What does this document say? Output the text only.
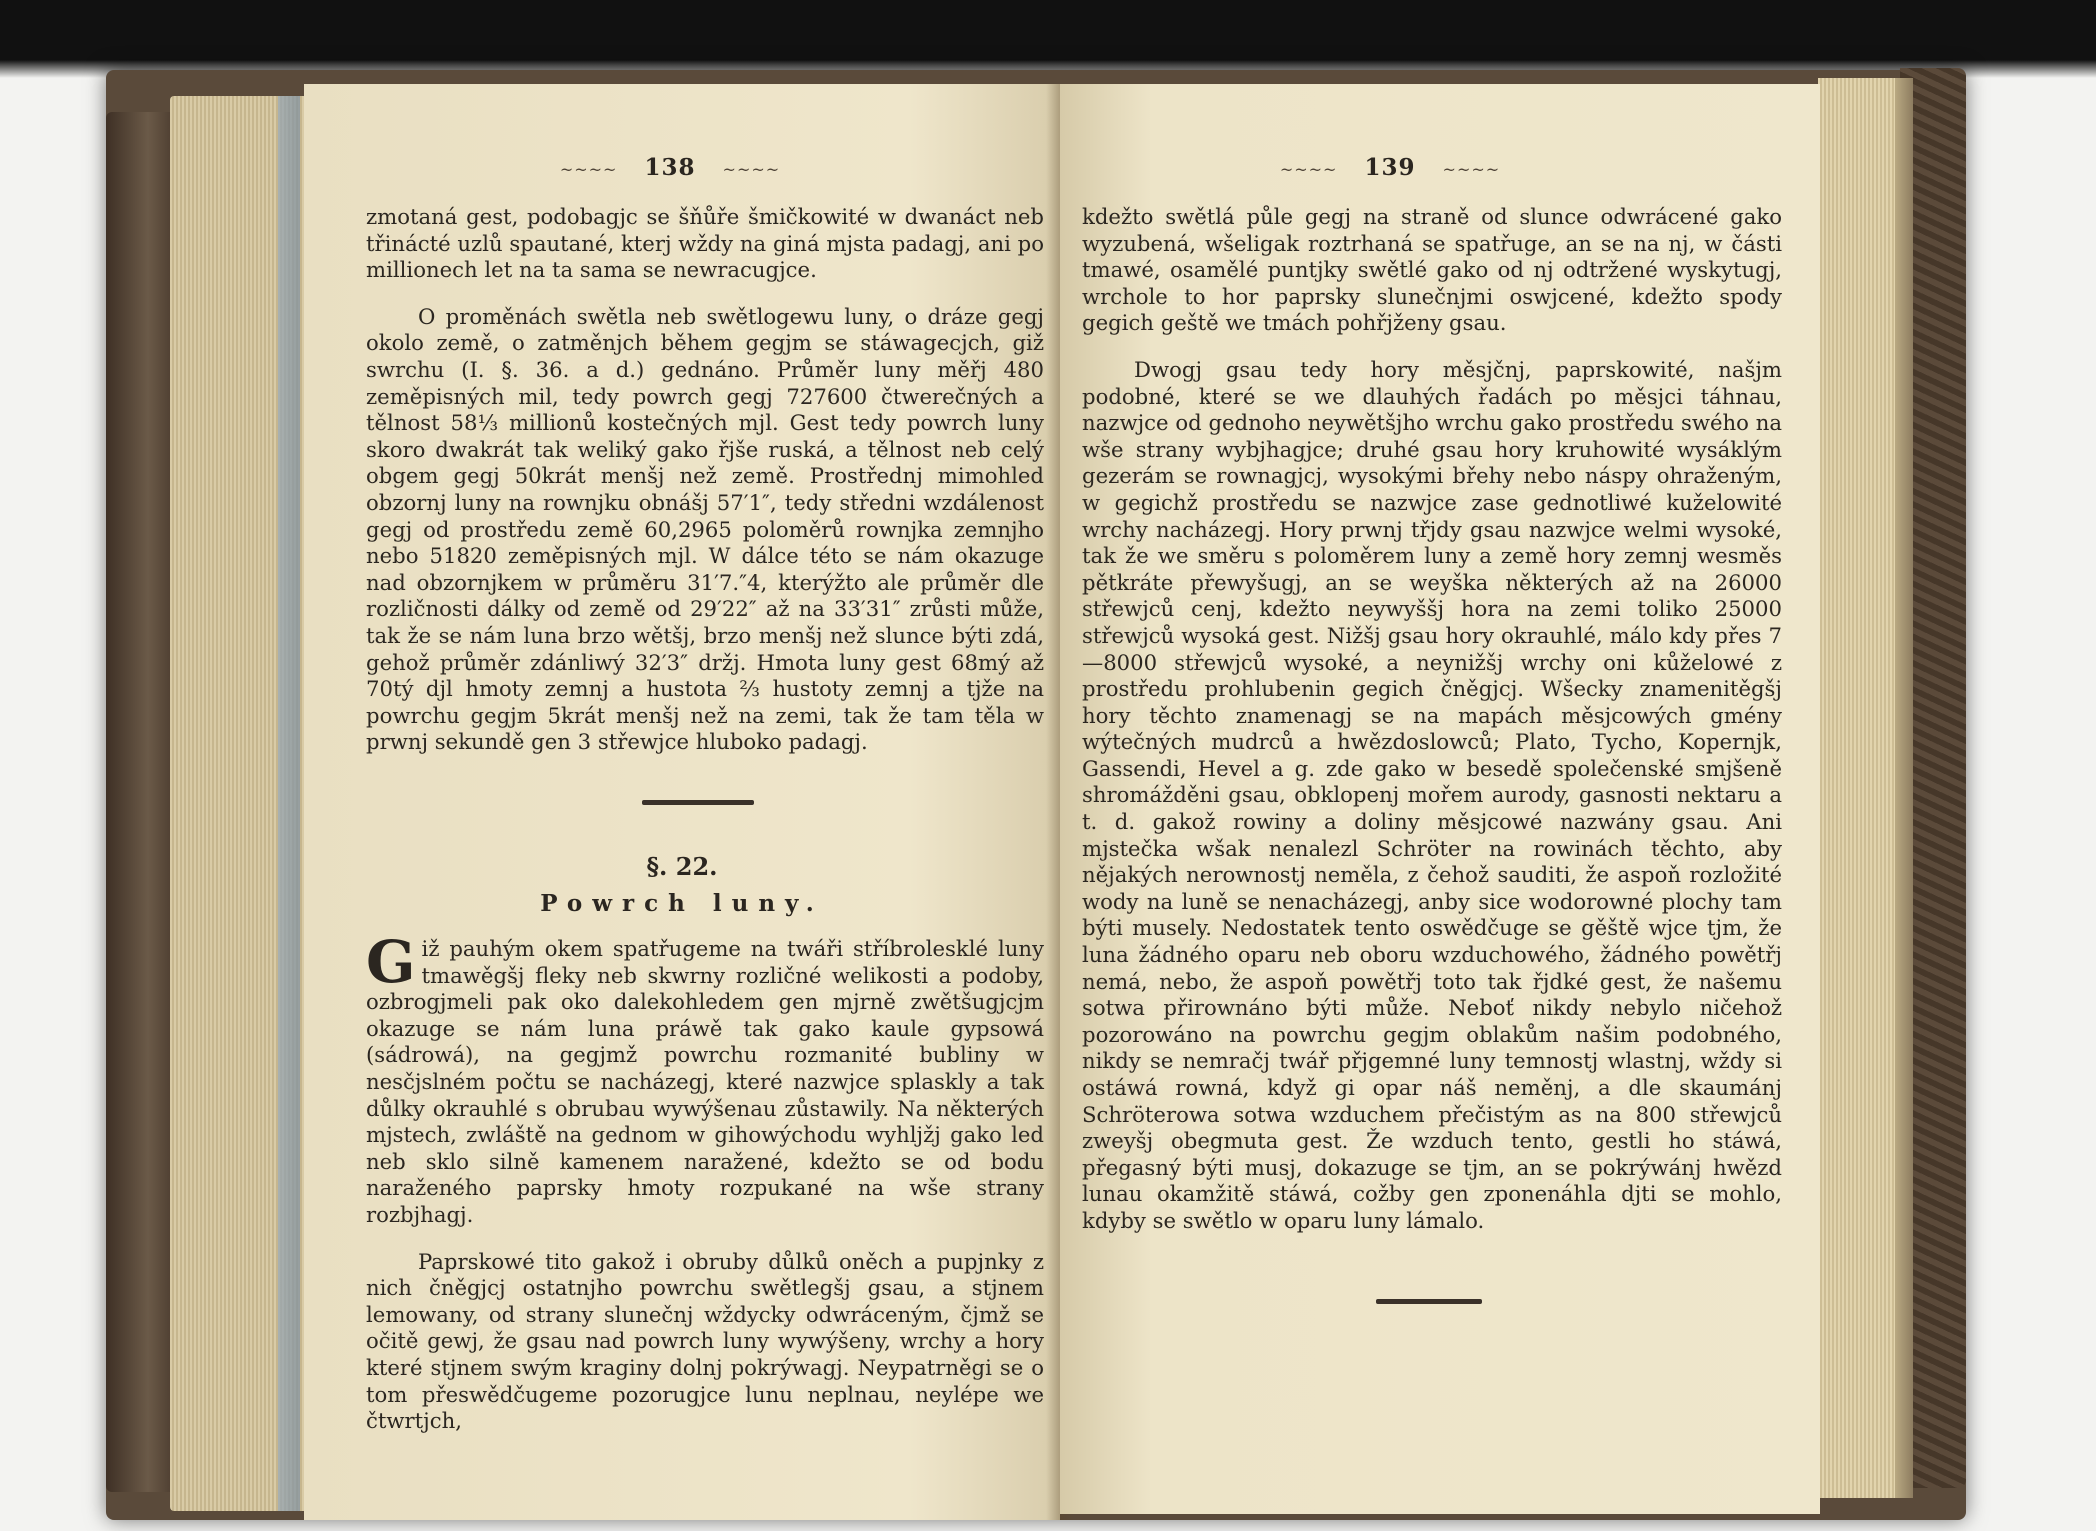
~~~~ 138 ~~~~

zmotaná gest, podobagjc se šňůře šmičkowité w dwanáct neb třinácté uzlů spautané, kterj wždy na giná mjsta padagj, ani po millionech let na ta sama se newracugjce.

O proměnách swětla neb swětlogewu luny, o dráze gegj okolo země, o zatměnjch během gegjm se stáwagecjch, giž swrchu (I. §. 36. a d.) gednáno. Průměr luny měřj 480 zeměpisných mil, tedy powrch gegj 727600 čtwerečných a tělnost 58⅓ millionů kostečných mjl. Gest tedy powrch luny skoro dwakrát tak weliký gako řjše ruská, a tělnost neb celý obgem gegj 50krát menšj než země. Prostřednj mimohled obzornj luny na rownjku obnášj 57′1″, tedy středni wzdálenost gegj od prostředu země 60,2965 poloměrů rownjka zemnjho nebo 51820 zeměpisných mjl. W dálce této se nám okazuge nad obzornjkem w průměru 31′7.″4, kterýžto ale průměr dle rozličnosti dálky od země od 29′22″ až na 33′31″ zrůsti může, tak že se nám luna brzo wětšj, brzo menšj než slunce býti zdá, gehož průměr zdánliwý 32′3″ držj. Hmota luny gest 68mý až 70tý djl hmoty zemnj a hustota ⅔ hustoty zemnj a tjže na powrchu gegjm 5krát menšj než na zemi, tak že tam těla w prwnj sekundě gen 3 střewjce hluboko padagj.

§. 22.
Powrch luny.

G iž pauhým okem spatřugeme na twáři stříbrolesklé luny tmawěgšj fleky neb skwrny rozličné welikosti a podoby, ozbrogjmeli pak oko dalekohledem gen mjrně zwětšugjcjm okazuge se nám luna práwě tak gako kaule gypsowá (sádrowá), na gegjmž powrchu rozmanité bubliny w nesčjslném počtu se nacházegj, které nazwjce splaskly a tak důlky okrauhlé s obrubau wywýšenau zůstawily. Na některých mjstech, zwláště na gednom w gihowýchodu wyhljžj gako led neb sklo silně kamenem naražené, kdežto se od bodu naraženého paprsky hmoty rozpukané na wše strany rozbjhagj.

Paprskowé tito gakož i obruby důlků oněch a pupjnky z nich čněgjcj ostatnjho powrchu swětlegšj gsau, a stjnem lemowany, od strany slunečnj wždycky odwráceným, čjmž se očitě gewj, že gsau nad powrch luny wywýšeny, wrchy a hory které stjnem swým kraginy dolnj pokrýwagj. Neypatrněgi se o tom přeswědčugeme pozorugjce lunu neplnau, neylépe we čtwrtjch,

~~~~ 139 ~~~~

kdežto swětlá půle gegj na straně od slunce odwrácené gako wyzubená, wšeligak roztrhaná se spatřuge, an se na nj, w části tmawé, osamělé puntjky swětlé gako od nj odtržené wyskytugj, wrchole to hor paprsky slunečnjmi oswjcené, kdežto spody gegich geště we tmách pohřjženy gsau.

Dwogj gsau tedy hory měsjčnj, paprskowité, našjm podobné, které se we dlauhých řadách po měsjci táhnau, nazwjce od gednoho neywětšjho wrchu gako prostředu swého na wše strany wybjhagjce; druhé gsau hory kruhowité wysáklým gezerám se rownagjcj, wysokými břehy nebo náspy ohraženým, w gegichž prostředu se nazwjce zase gednotliwé kuželowité wrchy nacházegj. Hory prwnj třjdy gsau nazwjce welmi wysoké, tak že we směru s poloměrem luny a země hory zemnj wesměs pětkráte přewyšugj, an se weyška některých až na 26000 střewjců cenj, kdežto neywyššj hora na zemi toliko 25000 střewjců wysoká gest. Nižšj gsau hory okrauhlé, málo kdy přes 7—8000 střewjců wysoké, a neynižšj wrchy oni kůželowé z prostředu prohlubenin gegich čněgjcj. Wšecky znamenitěgšj hory těchto znamenagj se na mapách měsjcowých gmény wýtečných mudrců a hwězdoslowců; Plato, Tycho, Kopernjk, Gassendi, Hevel a g. zde gako w besedě společenské smjšeně shromážděni gsau, obklopenj mořem aurody, gasnosti nektaru a t. d. gakož rowiny a doliny měsjcowé nazwány gsau. Ani mjstečka wšak nenalezl Schröter na rowinách těchto, aby nějakých nerownostj neměla, z čehož sauditi, že aspoň rozložité wody na luně se nenacházegj, anby sice wodorowné plochy tam býti musely. Nedostatek tento oswědčuge se gěště wjce tjm, že luna žádného oparu neb oboru wzduchowého, žádného powětřj nemá, nebo, že aspoň powětřj toto tak řjdké gest, že našemu sotwa přirownáno býti může. Neboť nikdy nebylo ničehož pozorowáno na powrchu gegjm oblakům našim podobného, nikdy se nemračj twář přjgemné luny temnostj wlastnj, wždy si ostáwá rowná, když gi opar náš neměnj, a dle skaumánj Schröterowa sotwa wzduchem přečistým as na 800 střewjců zweyšj obegmuta gest. Že wzduch tento, gestli ho stáwá, přegasný býti musj, dokazuge se tjm, an se pokrýwánj hwězd lunau okamžitě stáwá, cožby gen zponenáhla djti se mohlo, kdyby se swětlo w oparu luny lámalo.
